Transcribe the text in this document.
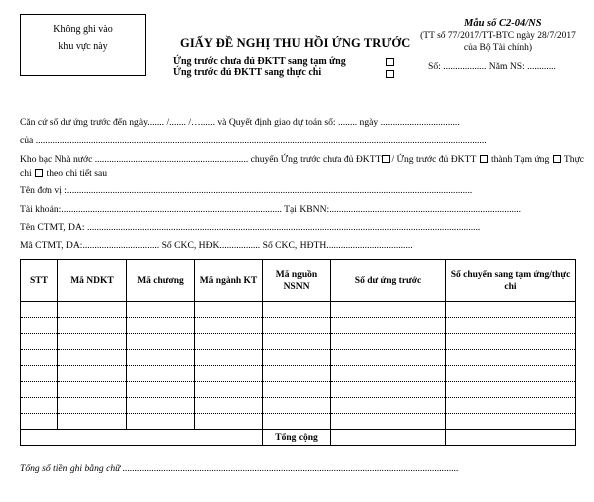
Không ghi vào
khu vực này	GIẤY ĐỀ NGHỊ THU HỒI ỨNG TRƯỚC
Ứng trước chưa đủ ĐKTT sang tạm ứng
Ứng trước đủ ĐKTT sang thực chi
Mẫu số C2-04/NS
(TT số 77/2017/TT-BTC ngày 28/7/2017
của Bộ Tài chính)
Số: .................. Năm NS: ............
Căn cứ số dư ứng trước đến ngày....... /....... /…...... và Quyết định giao dự toán số: ........ ngày .................................
của ............................................................................................................................................................................................
Kho bạc Nhà nước ................................................................ chuyển Ứng trước chưa đủ ĐKTT / Ứng trước đủ ĐKTT thành Tạm ứng Thực
chi theo chi tiết sau
Tên đơn vị :.........................................................................................................................................................................
Tài khoản:............................................................................................ Tại KBNN:................................................................................
Tên CTMT, DA: ....................................................................................................................................................................
Mã CTMT, DA:................................ Số CKC, HĐK................. Số CKC, HĐTH....................................
STT	Mã NDKT	Mã chương	Mã ngành KT	Mã nguồn NSNN	Số dư ứng trước	Số chuyển sang tạm ứng/thực chi

				Tổng cộng		
Tổng số tiền ghi bằng chữ ............................................................................................................................................
